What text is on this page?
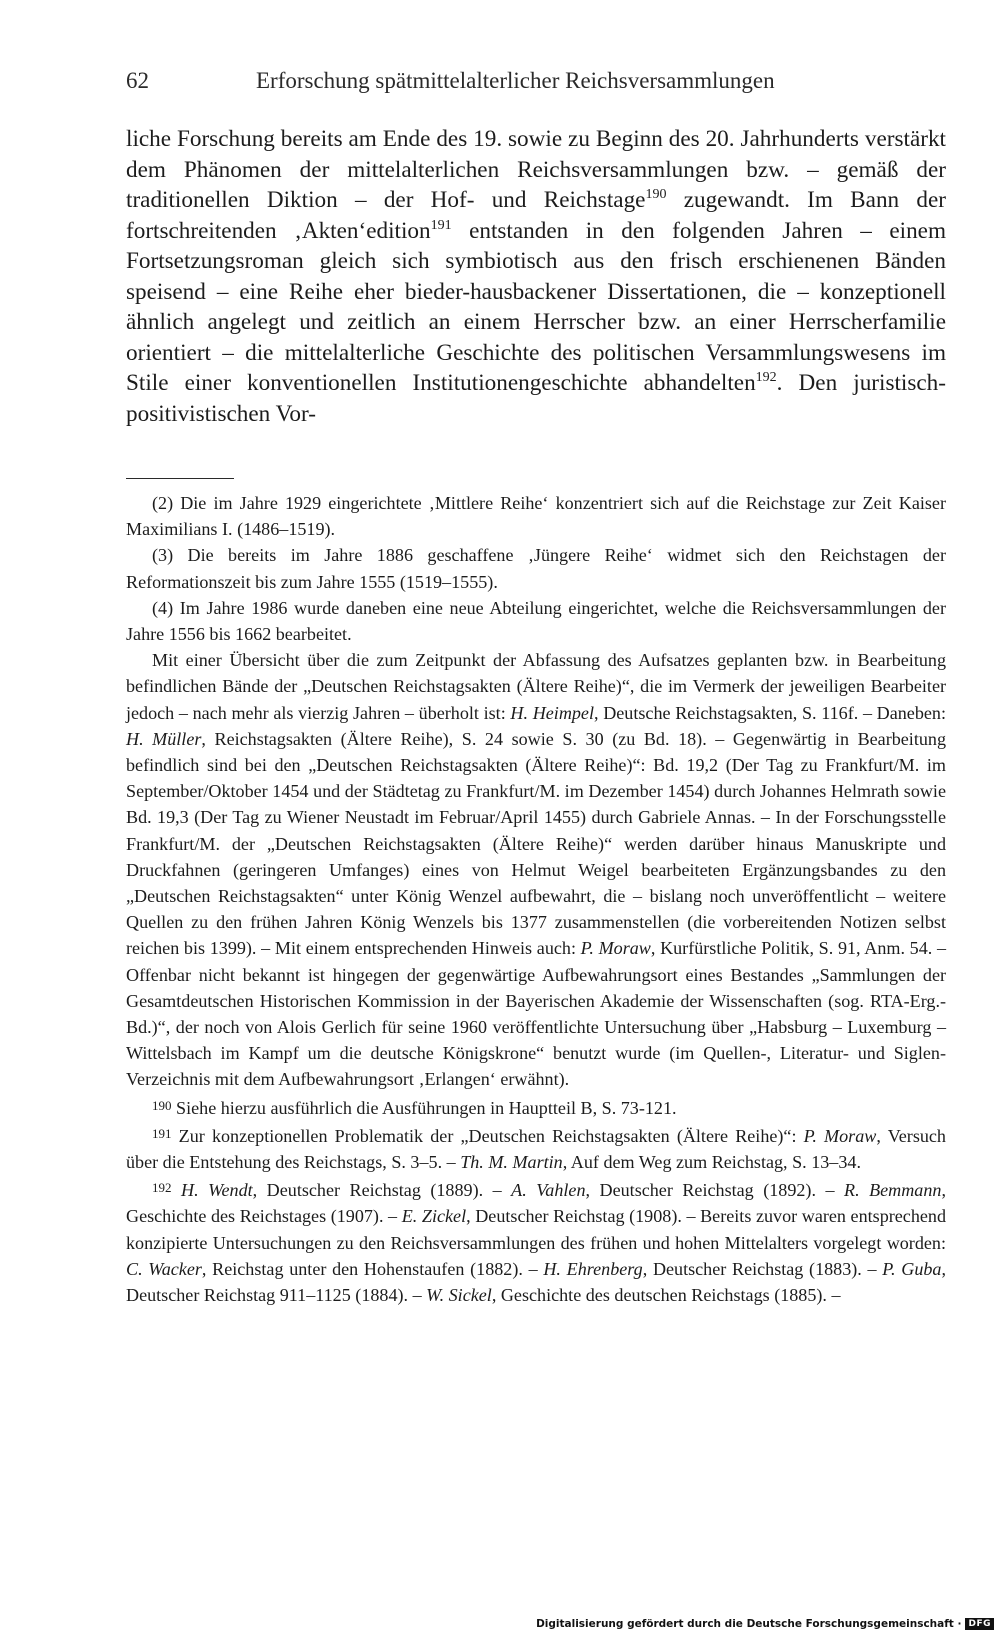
62	Erforschung spätmittelalterlicher Reichsversammlungen

liche Forschung bereits am Ende des 19. sowie zu Beginn des 20. Jahrhunderts verstärkt dem Phänomen der mittelalterlichen Reichsversammlungen bzw. – gemäß der traditionellen Diktion – der Hof- und Reichstage$^{190}$ zugewandt. Im Bann der fortschreitenden ‚Akten‘edition$^{191}$ entstanden in den folgenden Jahren – einem Fortsetzungsroman gleich sich symbiotisch aus den frisch erschienenen Bänden speisend – eine Reihe eher bieder-hausbackener Dissertationen, die – konzeptionell ähnlich angelegt und zeitlich an einem Herrscher bzw. an einer Herrscherfamilie orientiert – die mittelalterliche Geschichte des politischen Versammlungswesens im Stile einer konventionellen Institutionengeschichte abhandelten$^{192}$. Den juristisch-positivistischen Vor-

(2) Die im Jahre 1929 eingerichtete ‚Mittlere Reihe‘ konzentriert sich auf die Reichstage zur Zeit Kaiser Maximilians I. (1486–1519).

(3) Die bereits im Jahre 1886 geschaffene ‚Jüngere Reihe‘ widmet sich den Reichstagen der Reformationszeit bis zum Jahre 1555 (1519–1555).

(4) Im Jahre 1986 wurde daneben eine neue Abteilung eingerichtet, welche die Reichsversammlungen der Jahre 1556 bis 1662 bearbeitet.

Mit einer Übersicht über die zum Zeitpunkt der Abfassung des Aufsatzes geplanten bzw. in Bearbeitung befindlichen Bände der „Deutschen Reichstagsakten (Ältere Reihe)“, die im Vermerk der jeweiligen Bearbeiter jedoch – nach mehr als vierzig Jahren – überholt ist: H. Heimpel, Deutsche Reichstagsakten, S. 116f. – Daneben: H. Müller, Reichstagsakten (Ältere Reihe), S. 24 sowie S. 30 (zu Bd. 18). – Gegenwärtig in Bearbeitung befindlich sind bei den „Deutschen Reichstagsakten (Ältere Reihe)“: Bd. 19,2 (Der Tag zu Frankfurt/M. im September/Oktober 1454 und der Städtetag zu Frankfurt/M. im Dezember 1454) durch Johannes Helmrath sowie Bd. 19,3 (Der Tag zu Wiener Neustadt im Februar/April 1455) durch Gabriele Annas. – In der Forschungsstelle Frankfurt/M. der „Deutschen Reichstagsakten (Ältere Reihe)“ werden darüber hinaus Manuskripte und Druckfahnen (geringeren Umfanges) eines von Helmut Weigel bearbeiteten Ergänzungsbandes zu den „Deutschen Reichstagsakten“ unter König Wenzel aufbewahrt, die – bislang noch unveröffentlicht – weitere Quellen zu den frühen Jahren König Wenzels bis 1377 zusammenstellen (die vorbereitenden Notizen selbst reichen bis 1399). – Mit einem entsprechenden Hinweis auch: P. Moraw, Kurfürstliche Politik, S. 91, Anm. 54. – Offenbar nicht bekannt ist hingegen der gegenwärtige Aufbewahrungsort eines Bestandes „Sammlungen der Gesamtdeutschen Historischen Kommission in der Bayerischen Akademie der Wissenschaften (sog. RTA-Erg.-Bd.)“, der noch von Alois Gerlich für seine 1960 veröffentlichte Untersuchung über „Habsburg – Luxemburg – Wittelsbach im Kampf um die deutsche Königskrone“ benutzt wurde (im Quellen-, Literatur- und Siglen-Verzeichnis mit dem Aufbewahrungsort ‚Erlangen‘ erwähnt).

$^{190}$ Siehe hierzu ausführlich die Ausführungen in Hauptteil B, S. 73-121.

$^{191}$ Zur konzeptionellen Problematik der „Deutschen Reichstagsakten (Ältere Reihe)“: P. Moraw, Versuch über die Entstehung des Reichstags, S. 3–5. – Th. M. Martin, Auf dem Weg zum Reichstag, S. 13–34.

$^{192}$ H. Wendt, Deutscher Reichstag (1889). – A. Vahlen, Deutscher Reichstag (1892). – R. Bemmann, Geschichte des Reichstages (1907). – E. Zickel, Deutscher Reichstag (1908). – Bereits zuvor waren entsprechend konzipierte Untersuchungen zu den Reichsversammlungen des frühen und hohen Mittelalters vorgelegt worden: C. Wacker, Reichstag unter den Hohenstaufen (1882). – H. Ehrenberg, Deutscher Reichstag (1883). – P. Guba, Deutscher Reichstag 911–1125 (1884). – W. Sickel, Geschichte des deutschen Reichstags (1885). –

Digitalisierung gefördert durch die Deutsche Forschungsgemeinschaft · DFG
